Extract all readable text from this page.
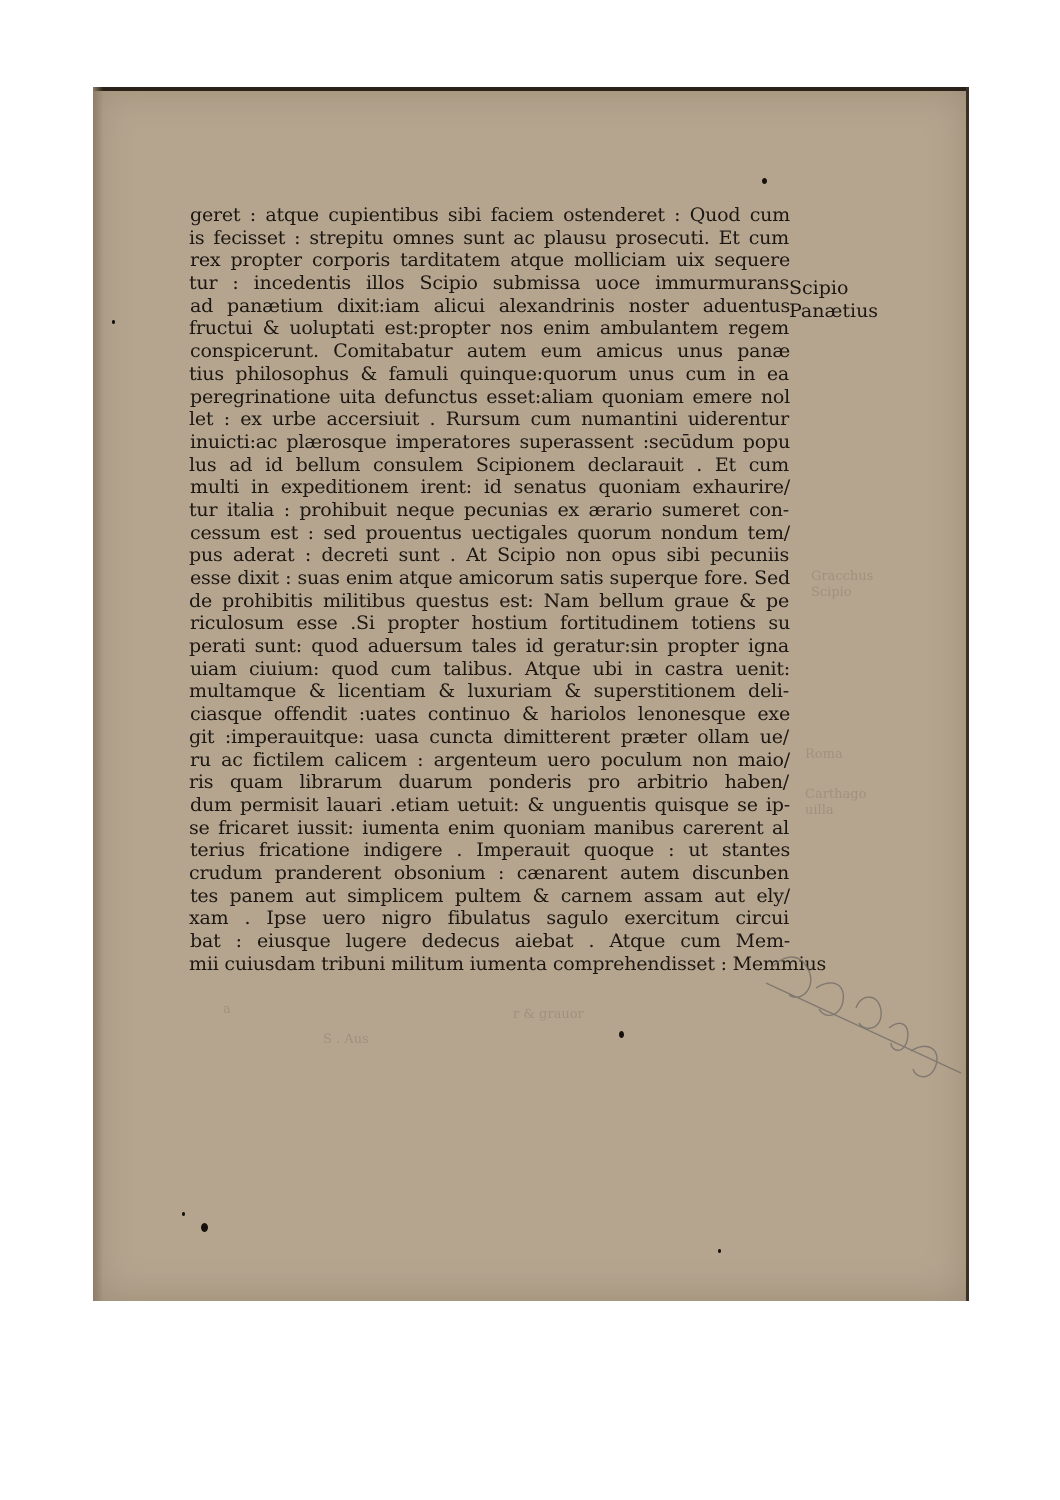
Gracchus
Scipio
Roma
Carthago
uilla
a
S . Aus
r & grauor
geret : atque cupientibus sibi faciem ostenderet : Quod cum
is fecisset : strepitu omnes sunt ac plausu prosecuti. Et cum
rex propter corporis tarditatem atque molliciam uix sequere
tur : incedentis illos Scipio submissa uoce immurmurans
ad panætium dixit:iam alicui alexandrinis noster aduentus
fructui & uoluptati est:propter nos enim ambulantem regem
conspicerunt. Comitabatur autem eum amicus unus panæ
tius philosophus & famuli quinque:quorum unus cum in ea
peregrinatione uita defunctus esset:aliam quoniam emere nol
let : ex urbe accersiuit . Rursum cum numantini uiderentur
inuicti:ac plærosque imperatores superassent :secūdum popu
lus ad id bellum consulem Scipionem declarauit . Et cum
multi in expeditionem irent: id senatus quoniam exhaurire/
tur italia : prohibuit neque pecunias ex ærario sumeret con-
cessum est : sed prouentus uectigales quorum nondum tem/
pus aderat : decreti sunt . At Scipio non opus sibi pecuniis
esse dixit : suas enim atque amicorum satis superque fore. Sed
de prohibitis militibus questus est: Nam bellum graue & pe
riculosum esse .Si propter hostium fortitudinem totiens su
perati sunt: quod aduersum tales id geratur:sin propter igna
uiam ciuium: quod cum talibus. Atque ubi in castra uenit:
multamque & licentiam & luxuriam & superstitionem deli-
ciasque offendit :uates continuo & hariolos lenonesque exe
git :imperauitque: uasa cuncta dimitterent præter ollam ue/
ru ac fictilem calicem : argenteum uero poculum non maio/
ris quam librarum duarum ponderis pro arbitrio haben/
dum permisit lauari .etiam uetuit: & unguentis quisque se ip-
se fricaret iussit: iumenta enim quoniam manibus carerent al
terius fricatione indigere . Imperauit quoque : ut stantes
crudum pranderent obsonium : cænarent autem discunben
tes panem aut simplicem pultem & carnem assam aut ely/
xam . Ipse uero nigro fibulatus sagulo exercitum circui
bat : eiusque lugere dedecus aiebat . Atque cum Mem-
mii cuiusdam tribuni militum iumenta comprehendisset : Memmius
Scipio
Panætius
